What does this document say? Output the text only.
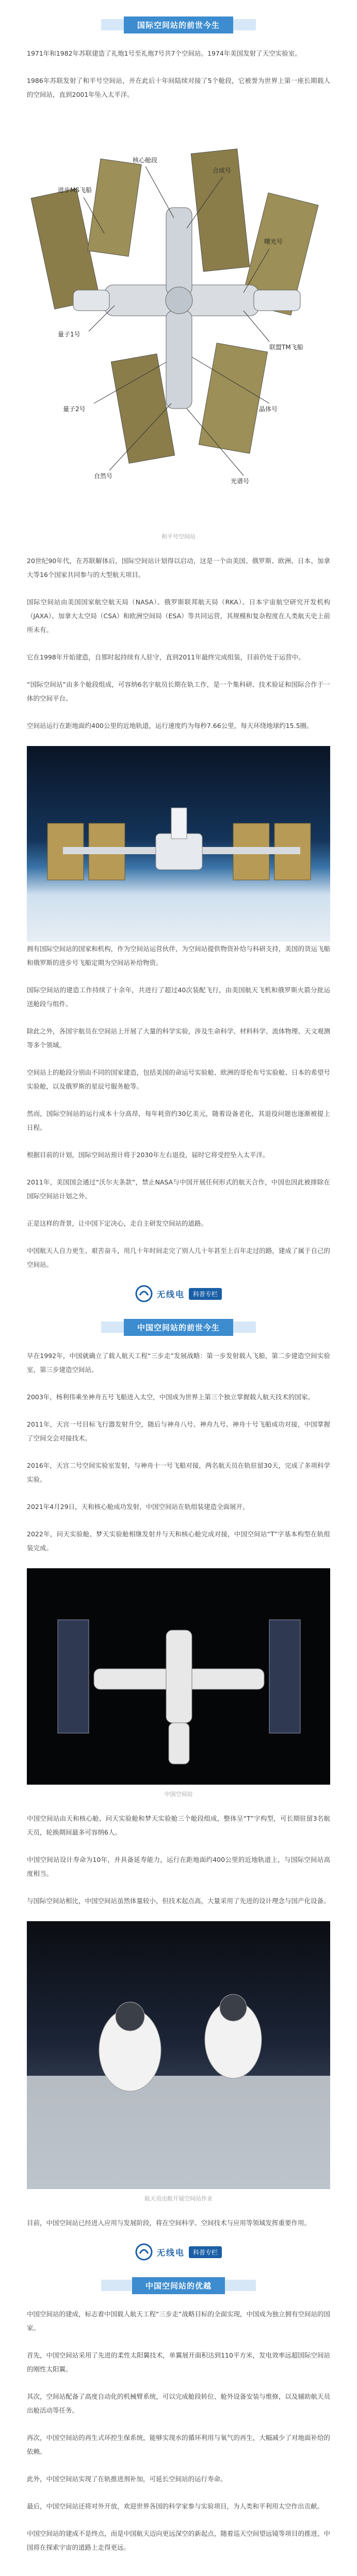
国际空间站的前世今生

1971年和1982年苏联建造了礼炮1号至礼炮7号共7个空间站。1974年美国发射了天空实验室。

1986年苏联发射了和平号空间站，并在此后十年间陆续对接了5个舱段，它被誉为世界上第一座长期载人的空间站，直到2001年坠入太平洋。

进步MS飞船
核心舱段
合成号
曙光号
量子1号
联盟TM飞船
量子2号	晶体号
光谱号
自然号
和平号空间站

20世纪90年代，在苏联解体后，国际空间站计划得以启动，这是一个由美国、俄罗斯、欧洲、日本、加拿大等16个国家共同参与的大型航天项目。

国际空间站由美国国家航空航天局（NASA）、俄罗斯联邦航天局（RKA）、日本宇宙航空研究开发机构（JAXA）、加拿大太空局（CSA）和欧洲空间局（ESA）等共同运营，其规模和复杂程度在人类航天史上前所未有。

它在1998年开始建造，自那时起持续有人驻守，直到2011年最终完成组装，目前仍处于运营中。

“国际空间站”由多个舱段组成，可容纳6名宇航员长期在轨工作，是一个集科研、技术验证和国际合作于一体的空间平台。

空间站运行在距地面约400公里的近地轨道，运行速度约为每秒7.66公里，每天环绕地球约15.5圈。

拥有国际空间站的国家和机构，作为空间站运营伙伴，为空间站提供物资补给与科研支持，美国的货运飞船和俄罗斯的进步号飞船定期为空间站补给物资。

国际空间站的建造工作持续了十余年，共进行了超过40次装配飞行，由美国航天飞机和俄罗斯火箭分批运送舱段与组件。

除此之外，各国宇航员在空间站上开展了大量的科学实验，涉及生命科学、材料科学、流体物理、天文观测等多个领域。

空间站上的舱段分别由不同的国家建造，包括美国的命运号实验舱、欧洲的哥伦布号实验舱、日本的希望号实验舱，以及俄罗斯的星辰号服务舱等。

然而，国际空间站的运行成本十分高昂，每年耗资约30亿美元，随着设备老化，其退役问题也逐渐被提上日程。

根据目前的计划，国际空间站预计将于2030年左右退役，届时它将受控坠入太平洋。

2011年，美国国会通过“沃尔夫条款”，禁止NASA与中国开展任何形式的航天合作，中国也因此被排除在国际空间站计划之外。

正是这样的背景，让中国下定决心，走自主研发空间站的道路。

中国航天人自力更生、艰苦奋斗，用几十年时间走完了别人几十年甚至上百年走过的路，建成了属于自己的空间站。

无线电	科普专栏
中国空间站的前世今生

早在1992年，中国就确立了载人航天工程“三步走”发展战略：第一步发射载人飞船，第二步建造空间实验室，第三步建造空间站。

2003年，杨利伟乘坐神舟五号飞船进入太空，中国成为世界上第三个独立掌握载人航天技术的国家。

2011年，天宫一号目标飞行器发射升空，随后与神舟八号、神舟九号、神舟十号飞船成功对接，中国掌握了空间交会对接技术。

2016年，天宫二号空间实验室发射，与神舟十一号飞船对接，两名航天员在轨驻留30天，完成了多项科学实验。

2021年4月29日，天和核心舱成功发射，中国空间站在轨组装建造全面展开。

2022年，问天实验舱、梦天实验舱相继发射并与天和核心舱完成对接，中国空间站“T”字基本构型在轨组装完成。

中国空间站

中国空间站由天和核心舱、问天实验舱和梦天实验舱三个舱段组成，整体呈“T”字构型，可长期驻留3名航天员，轮换期间最多可容纳6人。

中国空间站设计寿命为10年，并具备延寿能力，运行在距地面约400公里的近地轨道上，与国际空间站高度相当。

与国际空间站相比，中国空间站虽然体量较小，但技术起点高，大量采用了先进的设计理念与国产化设备。

航天员出舱开展空间站作业

目前，中国空间站已经进入应用与发展阶段，将在空间科学、空间技术与应用等领域发挥重要作用。

无线电	科普专栏
中国空间站的优越

中国空间站的建成，标志着中国载人航天工程“三步走”战略目标的全面实现，中国成为独立拥有空间站的国家。

首先，中国空间站采用了先进的柔性太阳翼技术，单翼展开面积达到110平方米，发电效率远超国际空间站的刚性太阳翼。

其次，空间站配备了高度自动化的机械臂系统，可以完成舱段转位、舱外设备安装与维修，以及辅助航天员出舱活动等任务。

再次，中国空间站的再生式环控生保系统，能够实现水的循环利用与氧气的再生，大幅减少了对地面补给的依赖。

此外，中国空间站实现了在轨推进剂补加，可延长空间站的运行寿命。

最后，中国空间站还将对外开放，欢迎世界各国的科学家参与实验项目，为人类和平利用太空作出贡献。

中国空间站的建成不是终点，而是中国航天迈向更远深空的新起点，随着巡天空间望远镜等项目的推进，中国将在探索宇宙的道路上走得更远。
